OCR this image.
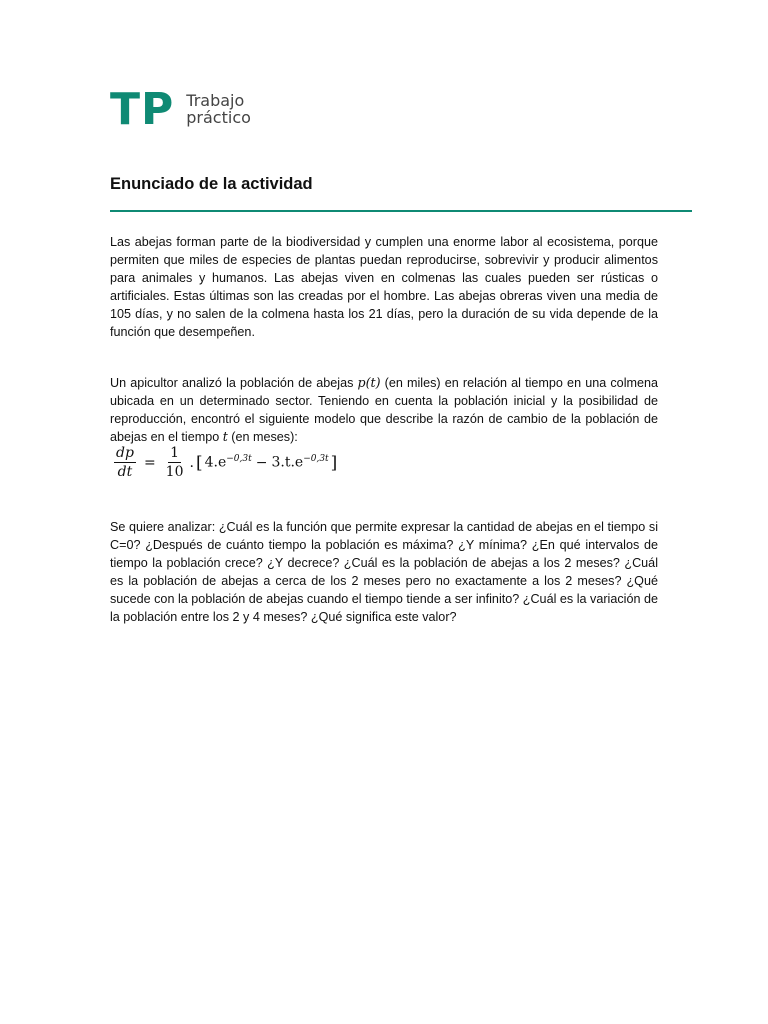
TP Trabajo
práctico
Enunciado de la actividad

Las abejas forman parte de la biodiversidad y cumplen una enorme labor al ecosistema, porque permiten que miles de especies de plantas puedan reproducirse, sobrevivir y producir alimentos para animales y humanos. Las abejas viven en colmenas las cuales pueden ser rústicas o artificiales. Estas últimas son las creadas por el hombre. Las abejas obreras viven una media de 105 días, y no salen de la colmena hasta los 21 días, pero la duración de su vida depende de la función que desempeñen.

Un apicultor analizó la población de abejas p(t) (en miles) en relación al tiempo en una colmena ubicada en un determinado sector. Teniendo en cuenta la población inicial y la posibilidad de reproducción, encontró el siguiente modelo que describe la razón de cambio de la población de abejas en el tiempo t (en meses):

$\frac{dp}{dt} = \frac{1}{10}$ . [ $4.e^{-0,3t} - 3.t.e^{-0,3t}$ ]

Se quiere analizar: ¿Cuál es la función que permite expresar la cantidad de abejas en el tiempo si C=0? ¿Después de cuánto tiempo la población es máxima? ¿Y mínima? ¿En qué intervalos de tiempo la población crece? ¿Y decrece? ¿Cuál es la población de abejas a los 2 meses? ¿Cuál es la población de abejas a cerca de los 2 meses pero no exactamente a los 2 meses? ¿Qué sucede con la población de abejas cuando el tiempo tiende a ser infinito? ¿Cuál es la variación de la población entre los 2 y 4 meses? ¿Qué significa este valor?
